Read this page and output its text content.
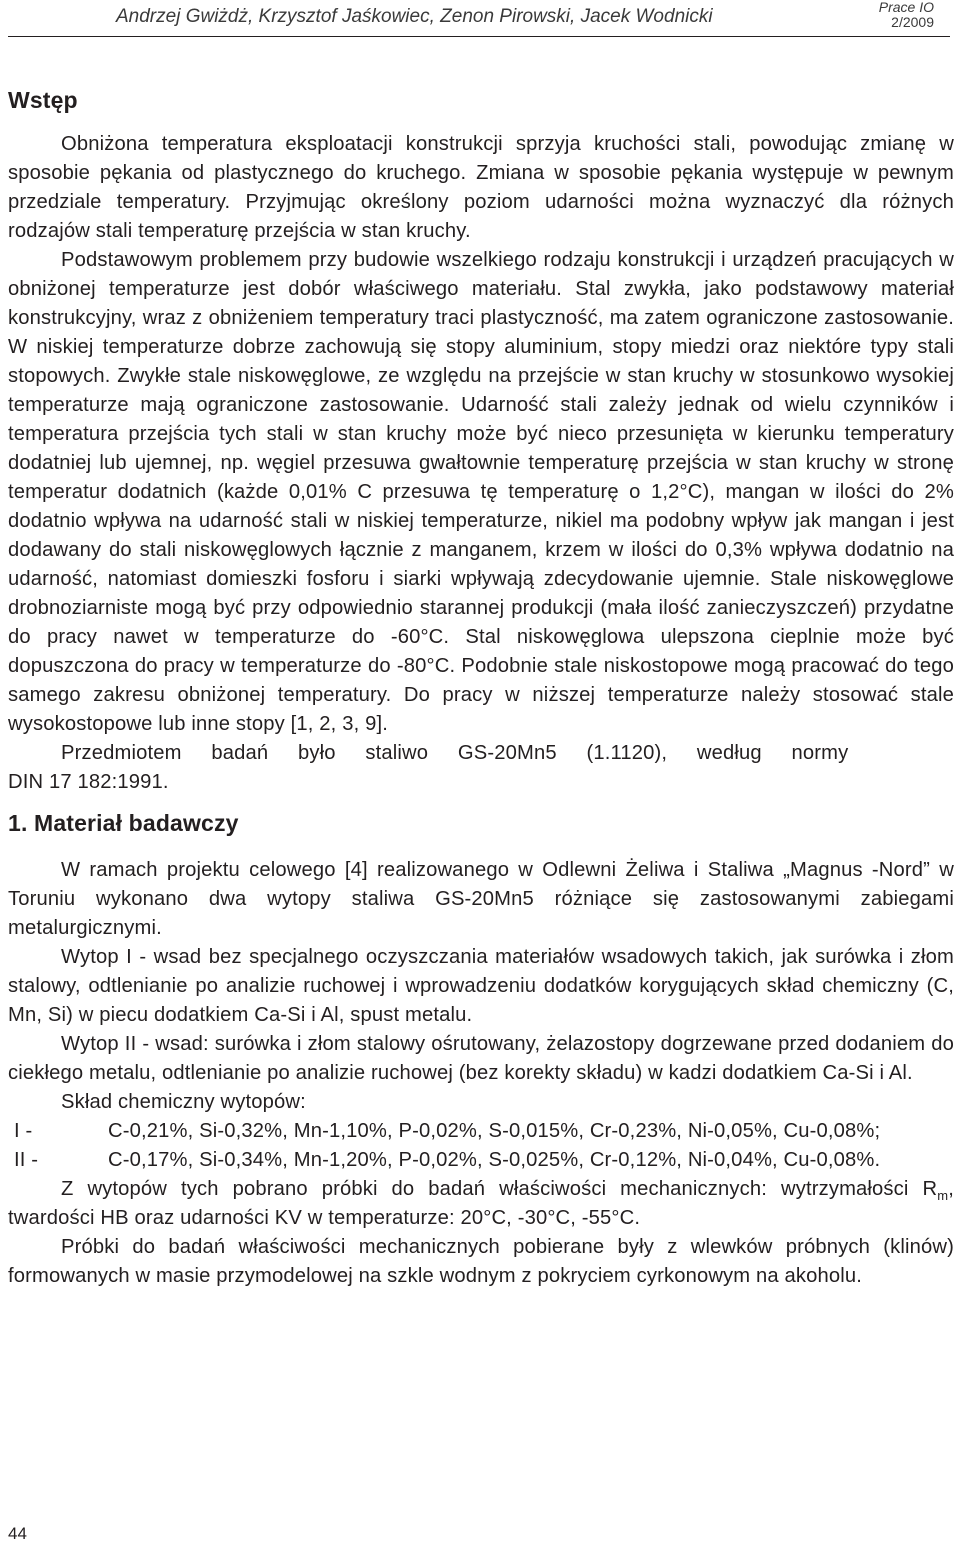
Andrzej Gwiżdż, Krzysztof Jaśkowiec, Zenon Pirowski, Jacek Wodnicki	Prace IO
2/2009
Wstęp

Obniżona temperatura eksploatacji konstrukcji sprzyja kruchości stali, powodując zmianę w sposobie pękania od plastycznego do kruchego. Zmiana w sposobie pękania występuje w pewnym przedziale temperatury. Przyjmując określony poziom udarności można wyznaczyć dla różnych rodzajów stali temperaturę przejścia w stan kruchy.

Podstawowym problemem przy budowie wszelkiego rodzaju konstrukcji i urządzeń pracujących w obniżonej temperaturze jest dobór właściwego materiału. Stal zwykła, jako podstawowy materiał konstrukcyjny, wraz z obniżeniem temperatury traci plastyczność, ma zatem ograniczone zastosowanie. W niskiej temperaturze dobrze zachowują się stopy aluminium, stopy miedzi oraz niektóre typy stali stopowych. Zwykłe stale niskowęglowe, ze względu na przejście w stan kruchy w stosunkowo wysokiej temperaturze mają ograniczone zastosowanie. Udarność stali zależy jednak od wielu czynników i temperatura przejścia tych stali w stan kruchy może być nieco przesunięta w kierunku temperatury dodatniej lub ujemnej, np. węgiel przesuwa gwałtownie temperaturę przejścia w stan kruchy w stronę temperatur dodatnich (każde 0,01% C przesuwa tę temperaturę o 1,2°C), mangan w ilości do 2% dodatnio wpływa na udarność stali w niskiej temperaturze, nikiel ma podobny wpływ jak mangan i jest dodawany do stali niskowęglowych łącznie z manganem, krzem w ilości do 0,3% wpływa dodatnio na udarność, natomiast domieszki fosforu i siarki wpływają zdecydowanie ujemnie. Stale niskowęglowe drobnoziarniste mogą być przy odpowiednio starannej produkcji (mała ilość zanieczyszczeń) przydatne do pracy nawet w temperaturze do -60°C. Stal niskowęglowa ulepszona cieplnie może być dopuszczona do pracy w temperaturze do -80°C. Podobnie stale niskostopowe mogą pracować do tego samego zakresu obniżonej temperatury. Do pracy w niższej temperaturze należy stosować stale wysokostopowe lub inne stopy [1, 2, 3, 9].

Przedmiotem badań było staliwo GS-20Mn5 (1.1120), według normy

DIN 17 182:1991.

1. Materiał badawczy

W ramach projektu celowego [4] realizowanego w Odlewni Żeliwa i Staliwa „Magnus -Nord” w Toruniu wykonano dwa wytopy staliwa GS-20Mn5 różniące się zastosowanymi zabiegami metalurgicznymi.

Wytop I - wsad bez specjalnego oczyszczania materiałów wsadowych takich, jak surówka i złom stalowy, odtlenianie po analizie ruchowej i wprowadzeniu dodatków korygujących skład chemiczny (C, Mn, Si) w piecu dodatkiem Ca-Si i Al, spust metalu.

Wytop II - wsad: surówka i złom stalowy ośrutowany, żelazostopy dogrzewane przed dodaniem do ciekłego metalu, odtlenianie po analizie ruchowej (bez korekty składu) w kadzi dodatkiem Ca-Si i Al.

Skład chemiczny wytopów:

I -	C-0,21%, Si-0,32%, Mn-1,10%, P-0,02%, S-0,015%, Cr-0,23%, Ni-0,05%, Cu-0,08%;

II -	C-0,17%, Si-0,34%, Mn-1,20%, P-0,02%, S-0,025%, Cr-0,12%, Ni-0,04%, Cu-0,08%.

Z wytopów tych pobrano próbki do badań właściwości mechanicznych: wytrzymałości $R_m$, twardości HB oraz udarności KV w temperaturze: 20°C, -30°C, -55°C.

Próbki do badań właściwości mechanicznych pobierane były z wlewków próbnych (klinów) formowanych w masie przymodelowej na szkle wodnym z pokryciem cyrkonowym na akoholu.

44
